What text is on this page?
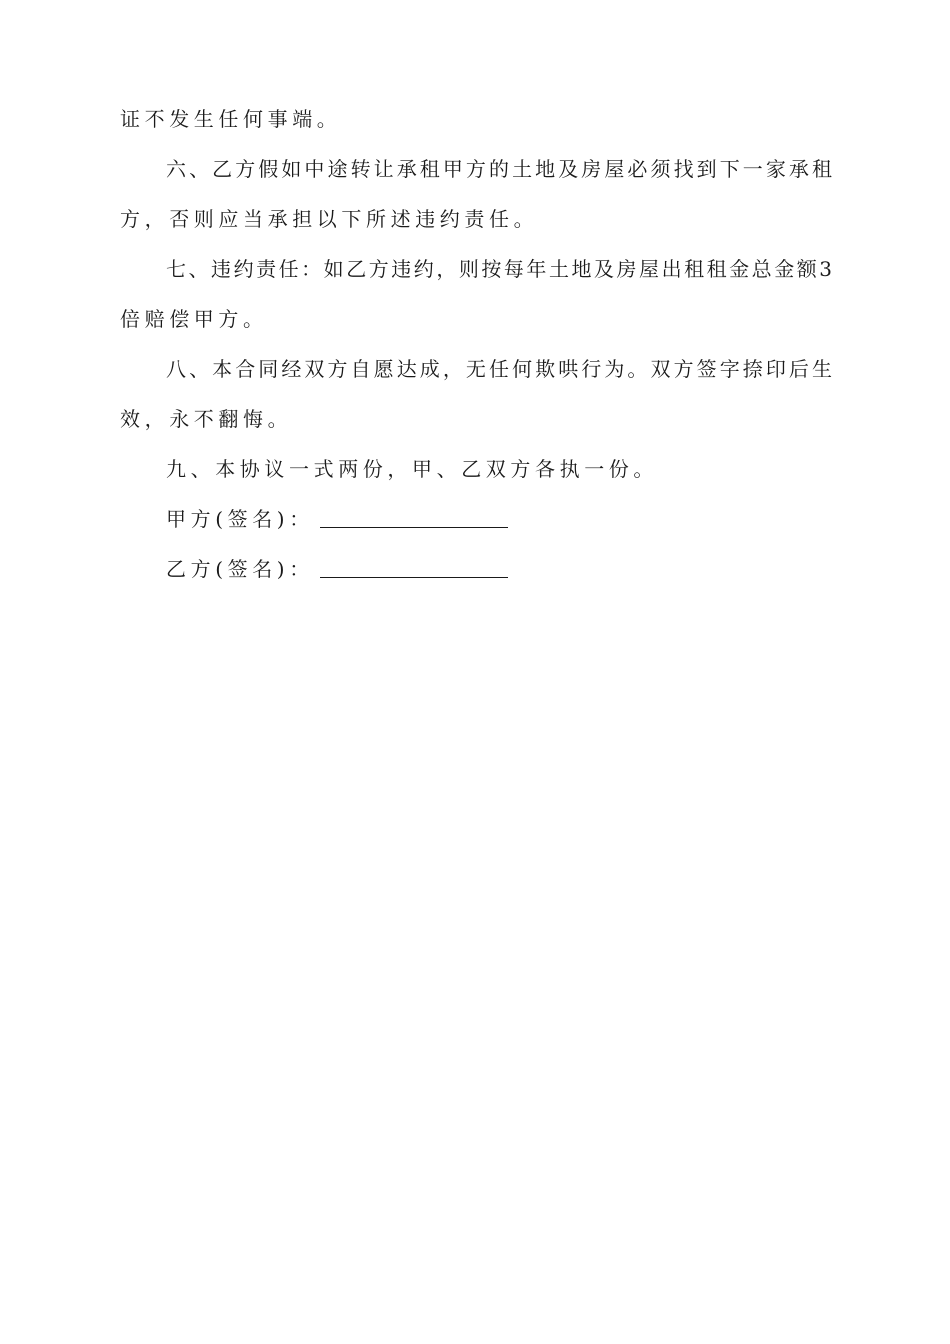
证不发生任何事端。
六、乙方假如中途转让承租甲方的土地及房屋必须找到下一家承租
方，否则应当承担以下所述违约责任。
七、违约责任：如乙方违约，则按每年土地及房屋出租租金总金额3
倍赔偿甲方。
八、本合同经双方自愿达成，无任何欺哄行为。双方签字捺印后生
效，永不翻悔。
九、本协议一式两份，甲、乙双方各执一份。
甲方(签名)：
乙方(签名)：
